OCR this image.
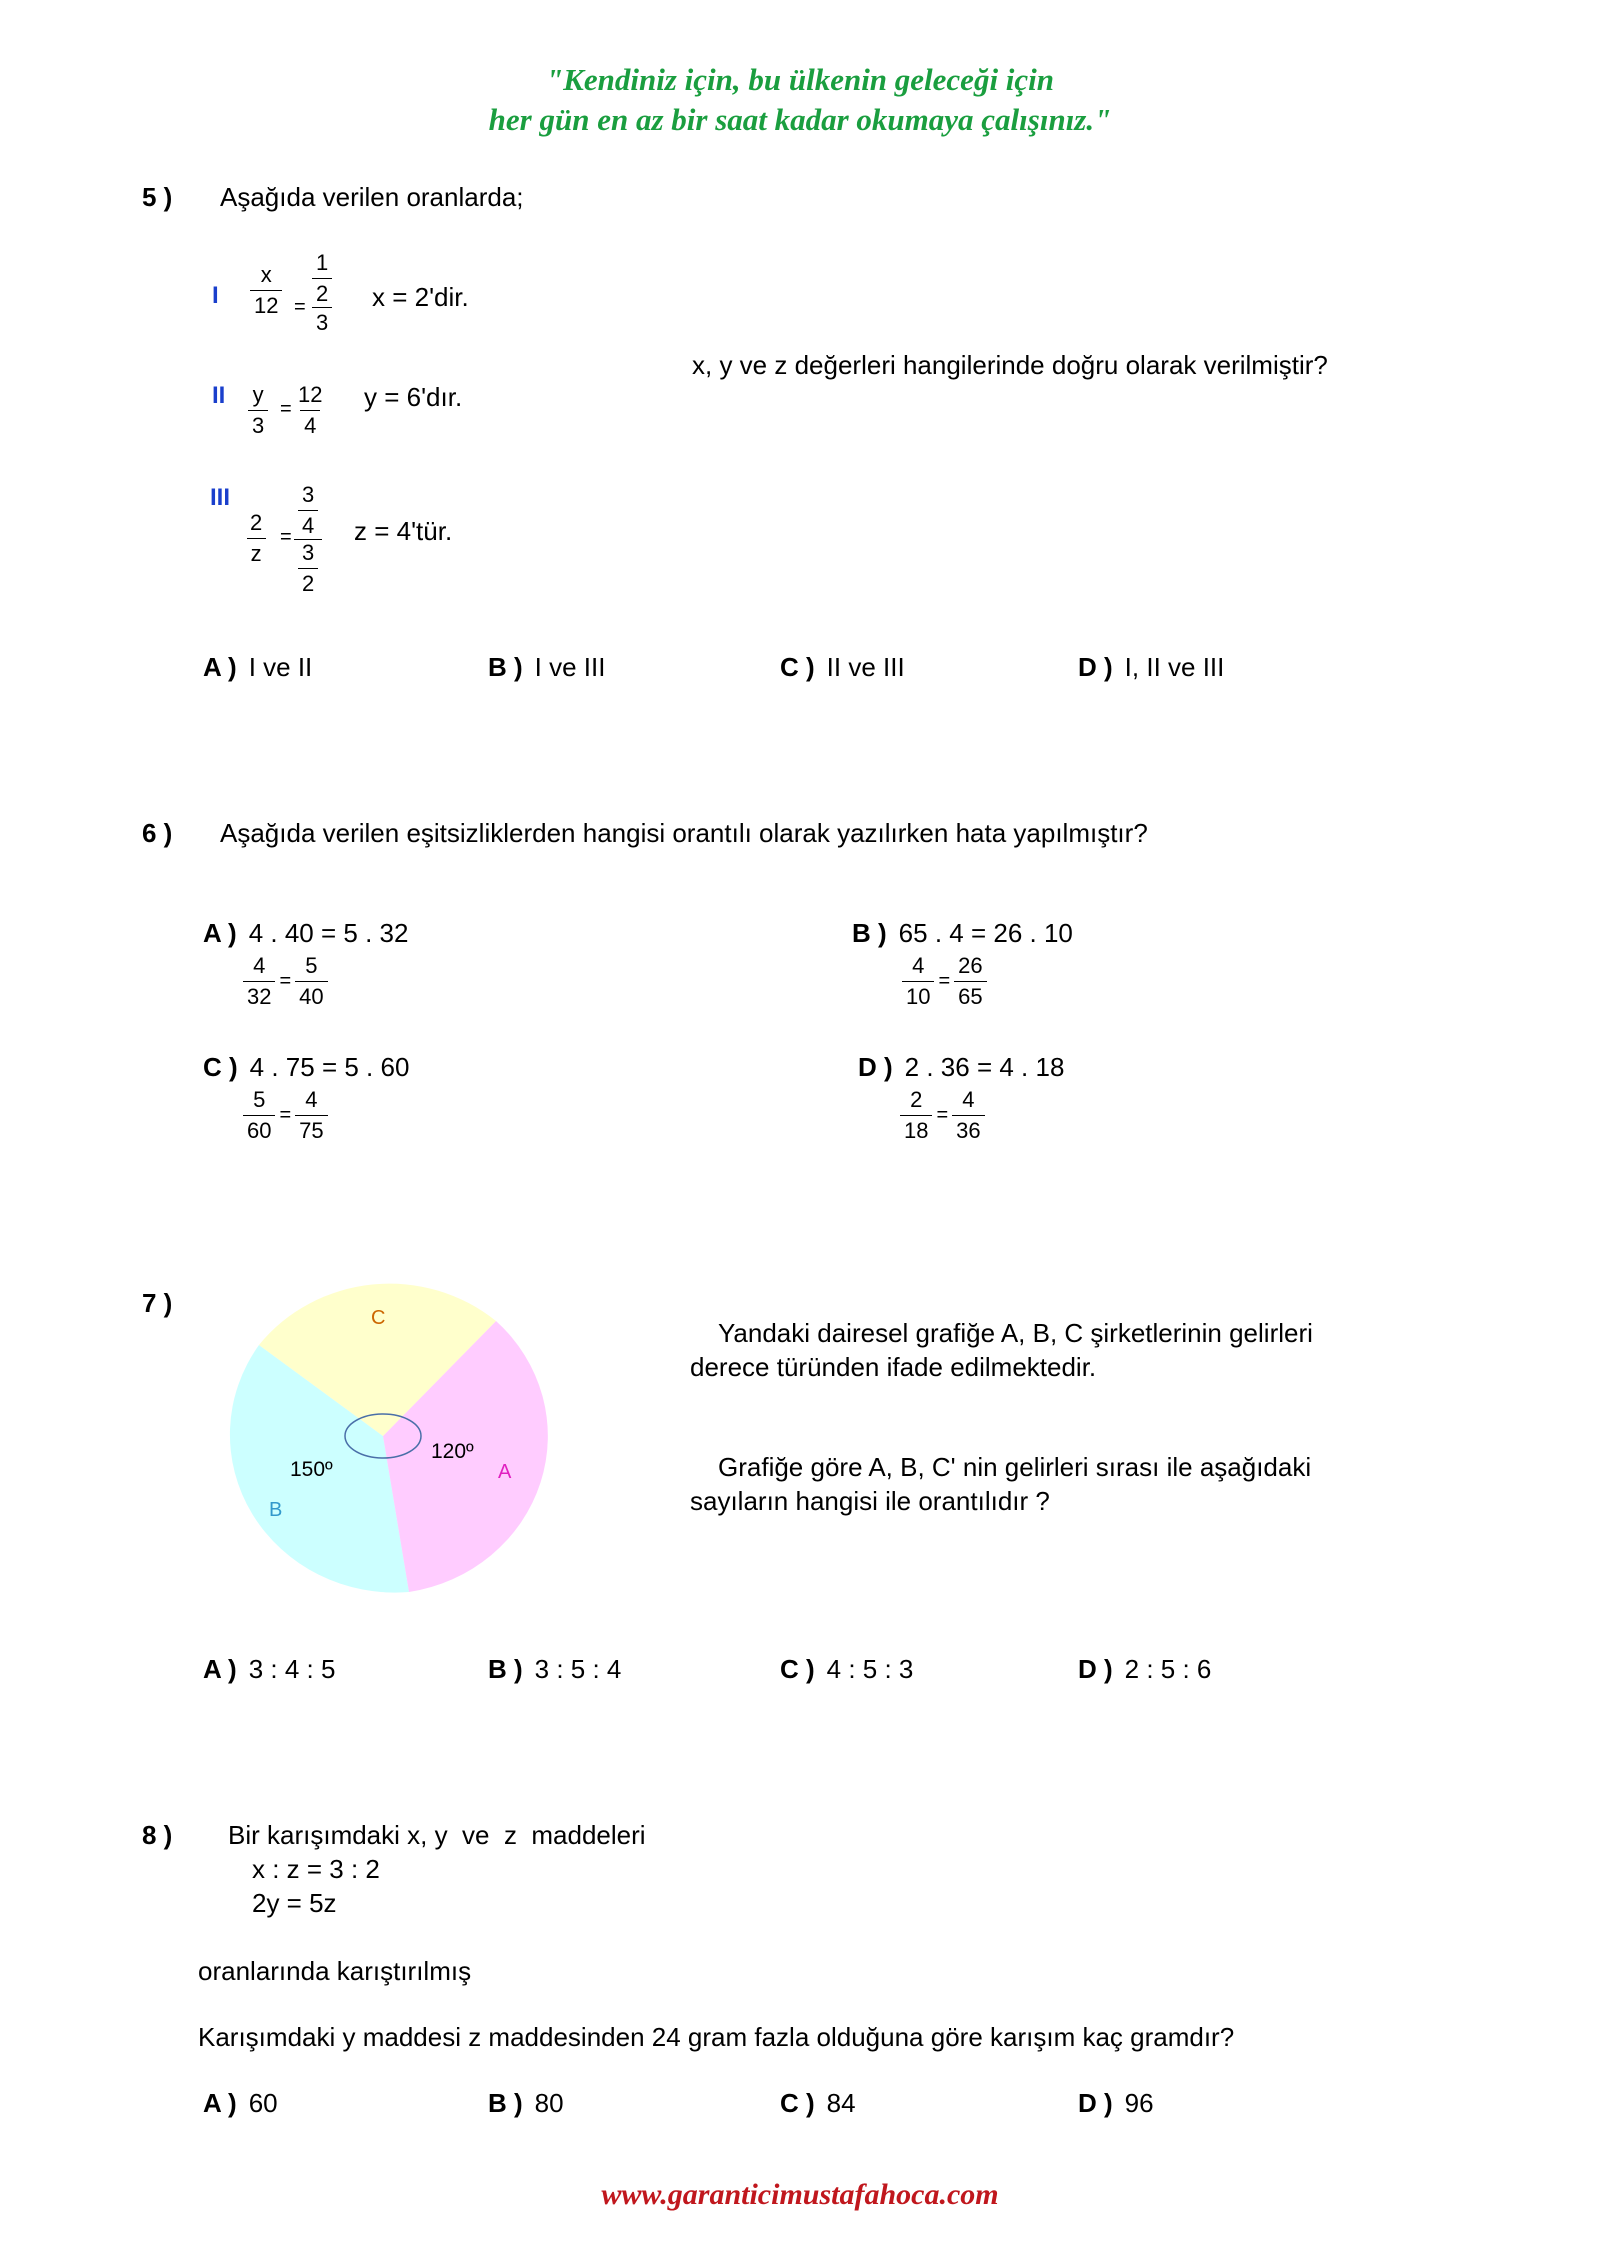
"Kendiniz için, bu ülkenin geleceği için
her gün en az bir saat kadar okumaya çalışınız."
5 ) Aşağıda verilen oranlarda;
I $\frac{x}{12} = \frac{\frac{1}{2}}{3}$ x = 2'dir.
II $\frac{y}{3} = \frac{12}{4}$ y = 6'dır.
III
$\frac{2}{z} = \frac{\frac{3}{4}}{\frac{3}{2}}$ z = 4'tür.
x, y ve z değerleri hangilerinde doğru olarak verilmiştir?
A ) I ve II	B ) I ve III	C ) II ve III	D ) I, II ve III
6 ) Aşağıda verilen eşitsizliklerden hangisi orantılı olarak yazılırken hata yapılmıştır?
A ) 4 . 40 = 5 . 32
$\frac{4}{32} = \frac{5}{40}$
B ) 65 . 4 = 26 . 10
$\frac{4}{10} = \frac{26}{65}$
C ) 4 . 75 = 5 . 60
$\frac{5}{60} = \frac{4}{75}$
D ) 2 . 36 = 4 . 18
$\frac{2}{18} = \frac{4}{36}$
7 )	C
A
B
150º
120º
Yandaki dairesel grafiğe A, B, C şirketlerinin gelirleri
derece türünden ifade edilmektedir.
Grafiğe göre A, B, C' nin gelirleri sırası ile aşağıdaki
sayıların hangisi ile orantılıdır ?
A ) 3 : 4 : 5	B ) 3 : 5 : 4	C ) 4 : 5 : 3	D ) 2 : 5 : 6
8 ) Bir karışımdaki x, y  ve  z  maddeleri
x : z = 3 : 2
2y = 5z
oranlarında karıştırılmış
Karışımdaki y maddesi z maddesinden 24 gram fazla olduğuna göre karışım kaç gramdır?
A ) 60	B ) 80	C ) 84	D ) 96
www.garanticimustafahoca.com
